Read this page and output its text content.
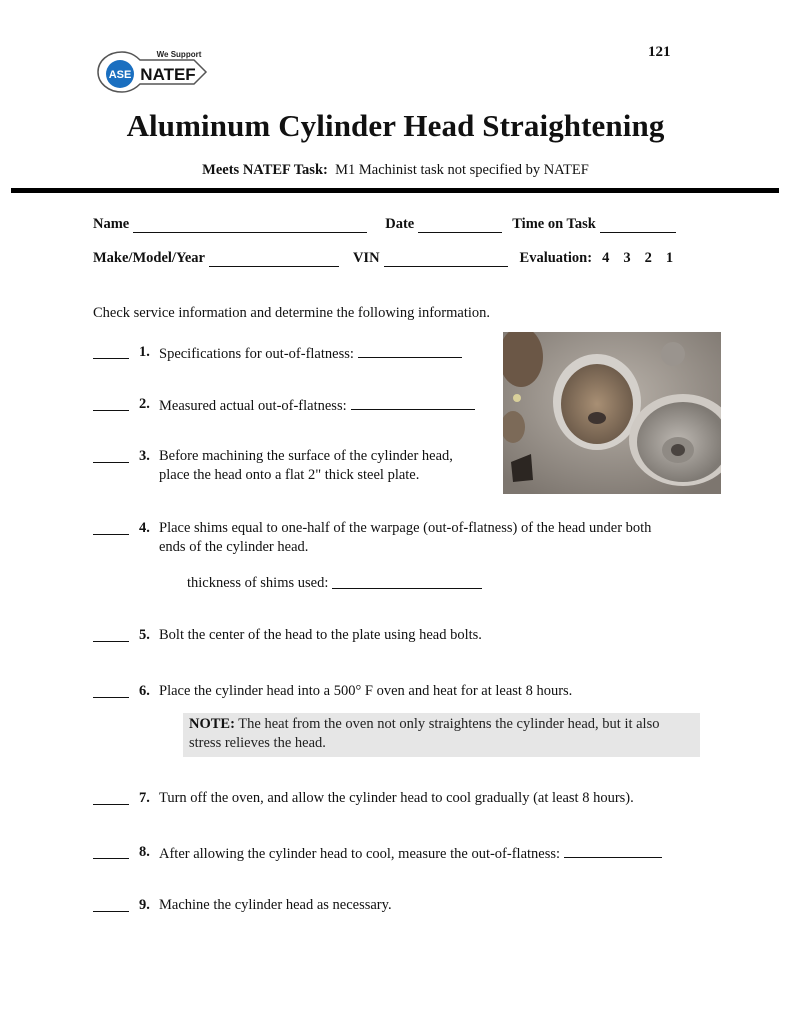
ASE
We Support
NATEF
121
Aluminum Cylinder Head Straightening
Meets NATEF Task: M1 Machinist task not specified by NATEF
Name	Date	Time on Task
Make/Model/Year	VIN	Evaluation: 4 3 2 1
Check service information and determine the following information.
1. Specifications for out-of-flatness:
2. Measured actual out-of-flatness:
3. Before machining the surface of the cylinder head,
place the head onto a flat 2" thick steel plate.
4. Place shims equal to one-half of the warpage (out-of-flatness) of the head under both
ends of the cylinder head.
thickness of shims used:
5. Bolt the center of the head to the plate using head bolts.
6. Place the cylinder head into a 500° F oven and heat for at least 8 hours.
NOTE: The heat from the oven not only straightens the cylinder head, but it also stress relieves the head.
7. Turn off the oven, and allow the cylinder head to cool gradually (at least 8 hours).
8. After allowing the cylinder head to cool, measure the out-of-flatness:
9. Machine the cylinder head as necessary.
